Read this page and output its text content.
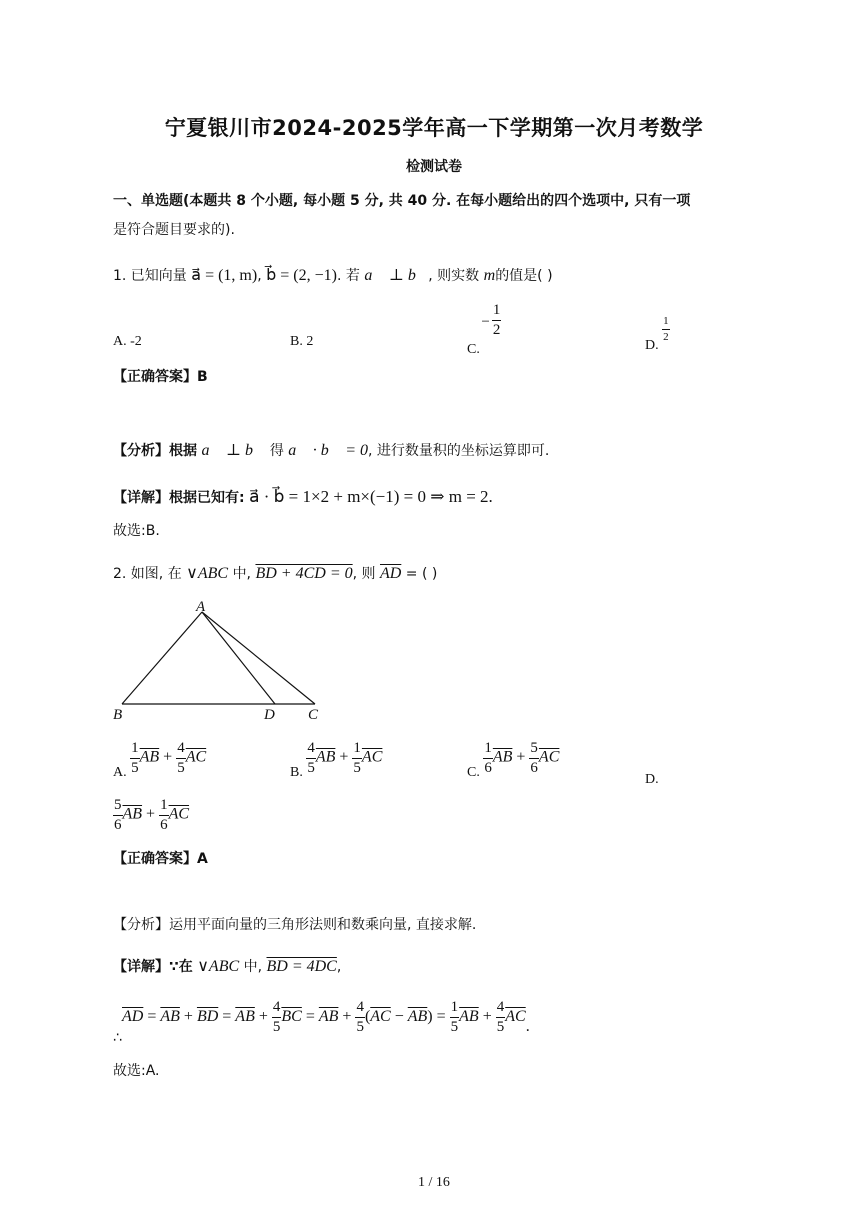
宁夏银川市2024-2025学年高一下学期第一次月考数学
检测试卷
一、单选题(本题共 8 个小题, 每小题 5 分, 共 40 分. 在每小题给出的四个选项中, 只有一项
是符合题目要求的).
1. 已知向量 a⃗ = (1, m), b⃗ = (2, −1). 若 a⃗ ⊥ b⃗, 则实数 m的值是( )
A. -2	B. 2
C. − $\frac{1}{2}$
D.
$\frac{1}{2}$
【正确答案】B
【分析】根据 a⃗ ⊥ b⃗ 得 a⃗ · b⃗ = 0, 进行数量积的坐标运算即可.
【详解】根据已知有: a⃗ · b⃗ = 1×2 + m×(−1) = 0 ⇒ m = 2.
故选:B.
2. 如图, 在 ∨ABC 中, BD + 4CD = 0, 则 $\overline{AD}$ = ( )
A
B	D C
A. $\frac{1}{5} \overline{AB} + \frac{4}{5} \overline{AC}$
B. $\frac{4}{5} \overline{AB} + \frac{1}{5} \overline{AC}$
C. $\frac{1}{6} \overline{AB} + \frac{5}{6} \overline{AC}$
D.
$\frac{5}{6} \overline{AB} + \frac{1}{6} \overline{AC}$
【正确答案】A
【分析】运用平面向量的三角形法则和数乘向量, 直接求解.
【详解】∵在 ∨ABC 中, BD = 4DC,
∴
$\overline{AD} = \overline{AB} + \overline{BD} = \overline{AB} + \frac{4}{5} \overline{BC} = \overline{AB} + \frac{4}{5} (\overline{AC} - \overline{AB}) = \frac{1}{5} \overline{AB} + \frac{4}{5} \overline{AC}$.
故选:A.
1 / 16
